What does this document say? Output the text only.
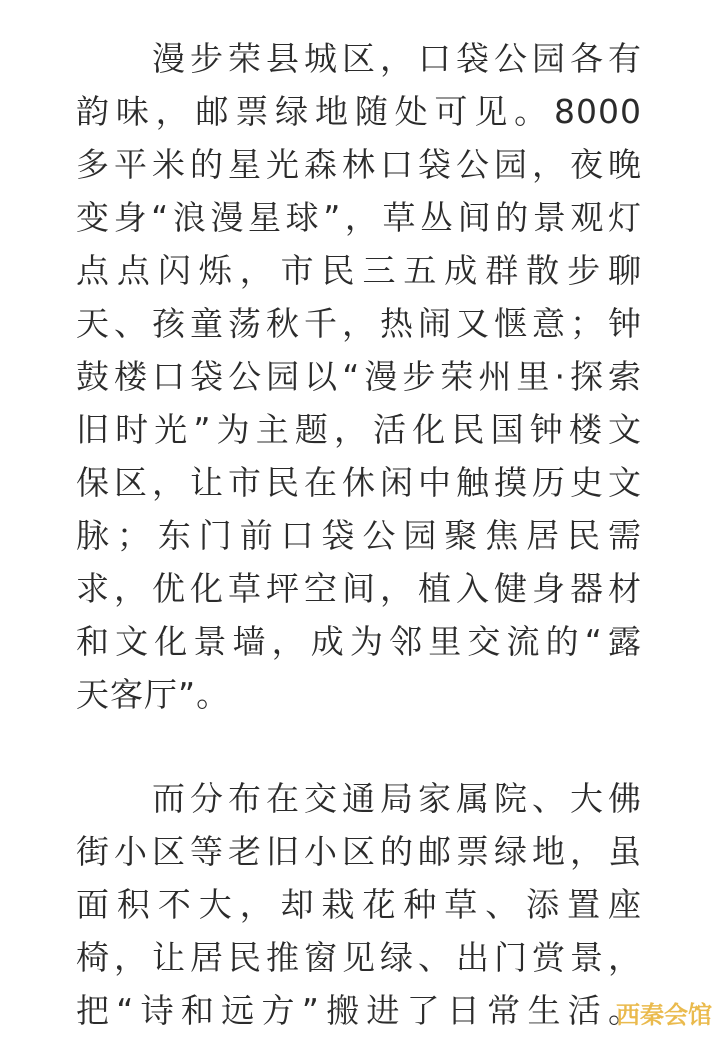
漫步荣县城区，口袋公园各有
韵味，邮票绿地随处可见。8000
多平米的星光森林口袋公园，夜晚
变身“浪漫星球”，草丛间的景观灯
点点闪烁，市民三五成群散步聊
天、孩童荡秋千，热闹又惬意；钟
鼓楼口袋公园以“漫步荣州里·探索
旧时光”为主题，活化民国钟楼文
保区，让市民在休闲中触摸历史文
脉；东门前口袋公园聚焦居民需
求，优化草坪空间，植入健身器材
和文化景墙，成为邻里交流的“露
天客厅”。
而分布在交通局家属院、大佛
街小区等老旧小区的邮票绿地，虽
面积不大，却栽花种草、添置座
椅，让居民推窗见绿、出门赏景，
把“诗和远方”搬进了日常生活。
西秦会馆
